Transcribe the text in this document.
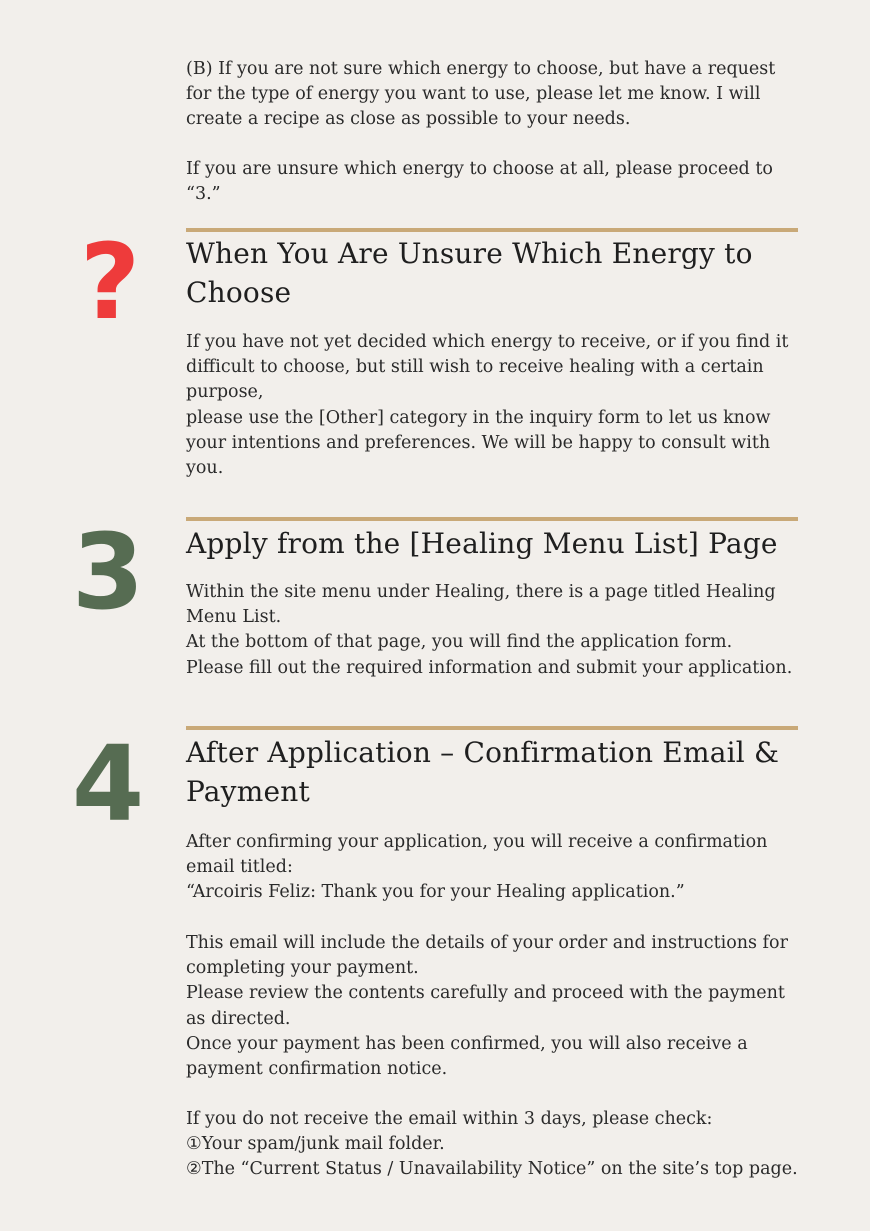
(B) If you are not sure which energy to choose, but have a request for the type of energy you want to use, please let me know. I will create a recipe as close as possible to your needs.

If you are unsure which energy to choose at all, please proceed to “3.”

?	When You Are Unsure Which Energy to Choose

If you have not yet decided which energy to receive, or if you find it difficult to choose, but still wish to receive healing with a certain purpose,
please use the [Other] category in the inquiry form to let us know your intentions and preferences. We will be happy to consult with you.

3	Apply from the [Healing Menu List] Page

Within the site menu under Healing, there is a page titled Healing Menu List.
At the bottom of that page, you will find the application form.
Please fill out the required information and submit your application.

4	After Application – Confirmation Email & Payment

After confirming your application, you will receive a confirmation email titled:
“Arcoiris Feliz: Thank you for your Healing application.”

This email will include the details of your order and instructions for completing your payment.
Please review the contents carefully and proceed with the payment as directed.
Once your payment has been confirmed, you will also receive a payment confirmation notice.

If you do not receive the email within 3 days, please check:
①Your spam/junk mail folder.
②The “Current Status / Unavailability Notice” on the site’s top page.
